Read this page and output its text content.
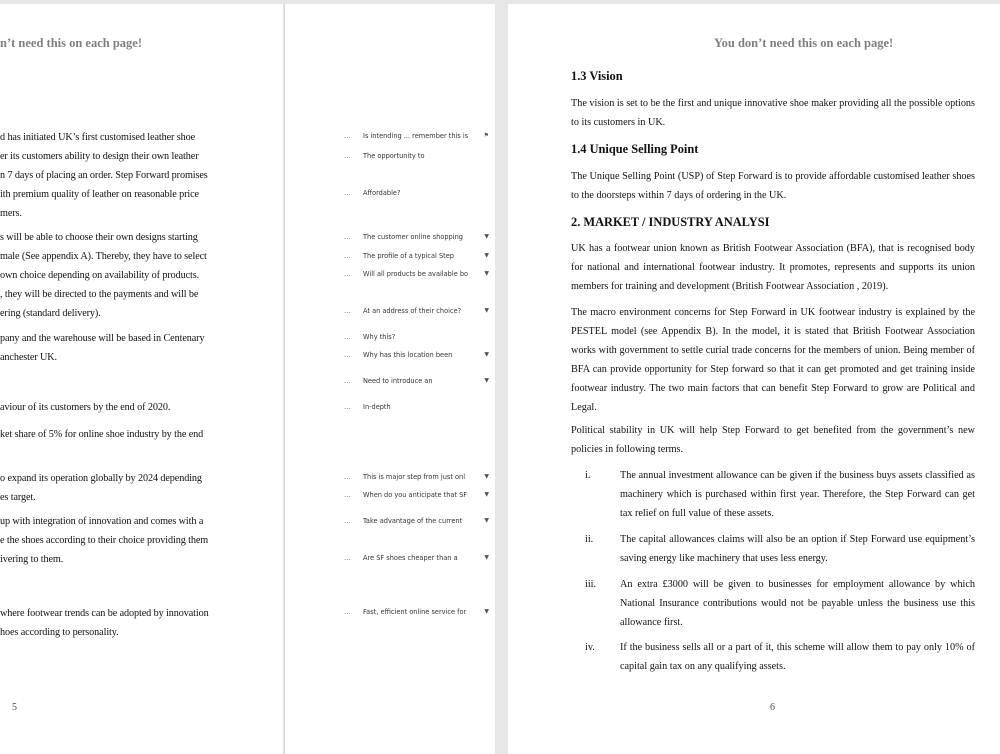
n’t need this on each page!
d has initiated UK’s first customised leather shoe
er its customers ability to design their own leather
n 7 days of placing an order. Step Forward promises
ith premium quality of leather on reasonable price
mers.
s will be able to choose their own designs starting
male (See appendix A). Thereby, they have to select
own choice depending on availability of products.
, they will be directed to the payments and will be
ering (standard delivery).
pany and the warehouse will be based in Centenary
anchester UK.
aviour of its customers by the end of 2020.
ket share of 5% for online shoe industry by the end
o expand its operation globally by 2024 depending
es target.
up with integration of innovation and comes with a
e the shoes according to their choice providing them
ivering to them.
where footwear trends can be adopted by innovation
hoes according to personality.
5
… Is intending ... remember this is	⚑
… The opportunity to
… Affordable?
… The customer online shopping	▼
… The profile of a typical Step	▼
… Will all products be available bo	▼
… At an address of their choice?	▼
… Why this?
… Why has this location been	▼
… Need to introduce an	▼
… In-depth
… This is major step from just onl	▼
… When do you anticipate that SF	▼
… Take advantage of the current	▼
… Are SF shoes cheaper than a	▼
… Fast, efficient online service for	▼
You don’t need this on each page!
1.3 Vision

The vision is set to be the first and unique innovative shoe maker providing all the possible options to its customers in UK.

1.4 Unique Selling Point

The Unique Selling Point (USP) of Step Forward is to provide affordable customised leather shoes to the doorsteps within 7 days of ordering in the UK.

2. MARKET / INDUSTRY ANALYSI

UK has a footwear union known as British Footwear Association (BFA), that is recognised body for national and international footwear industry. It promotes, represents and supports its union members for training and development (British Footwear Association , 2019).

The macro environment concerns for Step Forward in UK footwear industry is explained by the PESTEL model (see Appendix B). In the model, it is stated that British Footwear Association works with government to settle curial trade concerns for the members of union. Being member of BFA can provide opportunity for Step forward so that it can get promoted and get training inside footwear industry. The two main factors that can benefit Step Forward to grow are Political and Legal.

Political stability in UK will help Step Forward to get benefited from the government’s new policies in following terms.

i.	The annual investment allowance can be given if the business buys assets classified as machinery which is purchased within first year. Therefore, the Step Forward can get tax relief on full value of these assets.
ii.	The capital allowances claims will also be an option if Step Forward use equipment’s saving energy like machinery that uses less energy.
iii. An extra £3000 will be given to businesses for employment allowance by which National Insurance contributions would not be payable unless the business use this allowance first.
iv. If the business sells all or a part of it, this scheme will allow them to pay only 10% of capital gain tax on any qualifying assets.
6
